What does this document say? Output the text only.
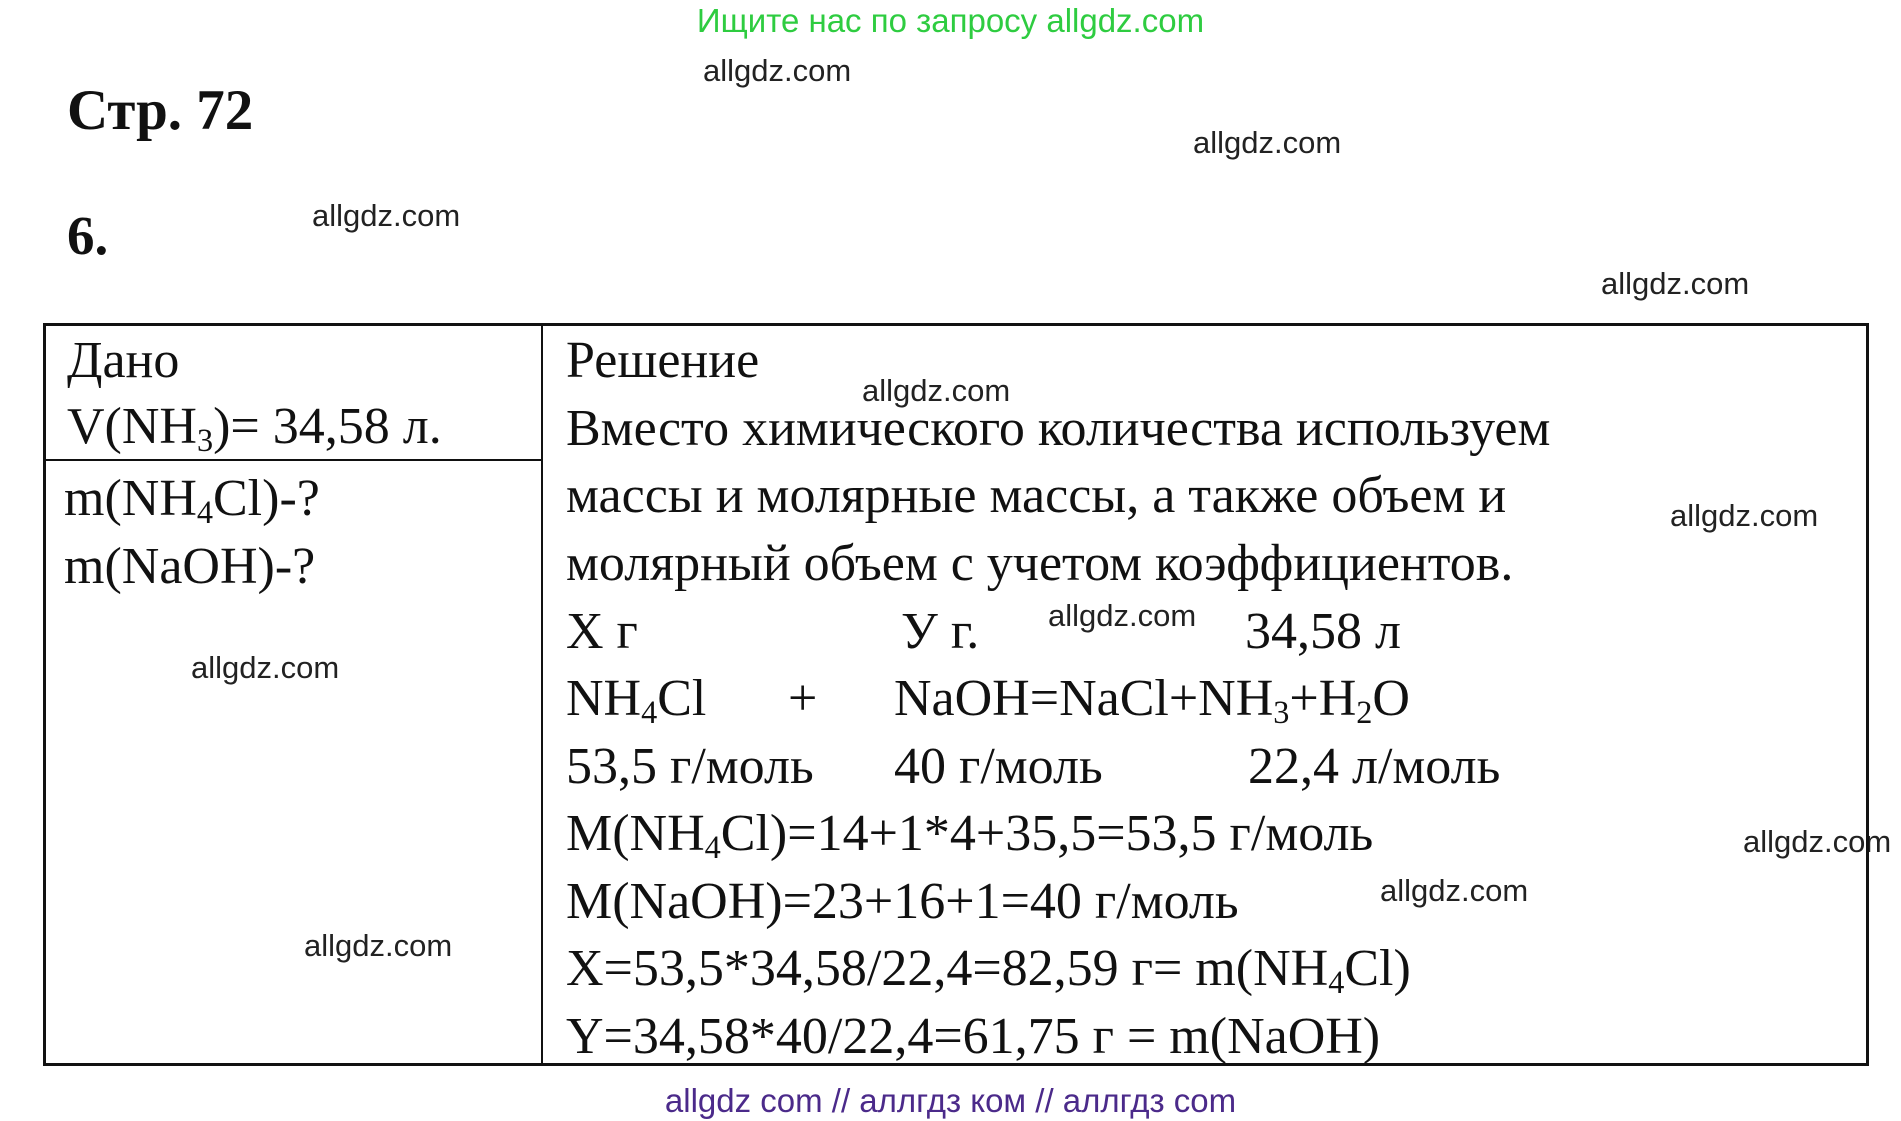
Ищите нас по запросу allgdz.com
allgdz com // аллгдз ком // аллгдз com
allgdz.com
allgdz.com
allgdz.com
allgdz.com
allgdz.com
allgdz.com
allgdz.com
allgdz.com
allgdz.com
allgdz.com
allgdz.com
Стр. 72
6.
Дано
$V(NH_3)= 34,58$ л.
$m(NH_4Cl)-$?
m(NaOH)-?
Решение
Вместо химического количества используем
массы и молярные массы, а также объем и
молярный объем с учетом коэффициентов.
Х г	У г.	34,58 л
$NH_4Cl$ + $NaOH=NaCl+NH_3+H_2O$
53,5 г/моль 40 г/моль	22,4 л/моль
$M(NH_4Cl)=14+1*4+35,5=53,5$ г/моль
M(NaOH)=23+16+1=40 г/моль
X=53,5*34,58/22,4=82,59 $г= m(NH_4Cl)$
Y=34,58*40/22,4=61,75 г = m(NaOH)
